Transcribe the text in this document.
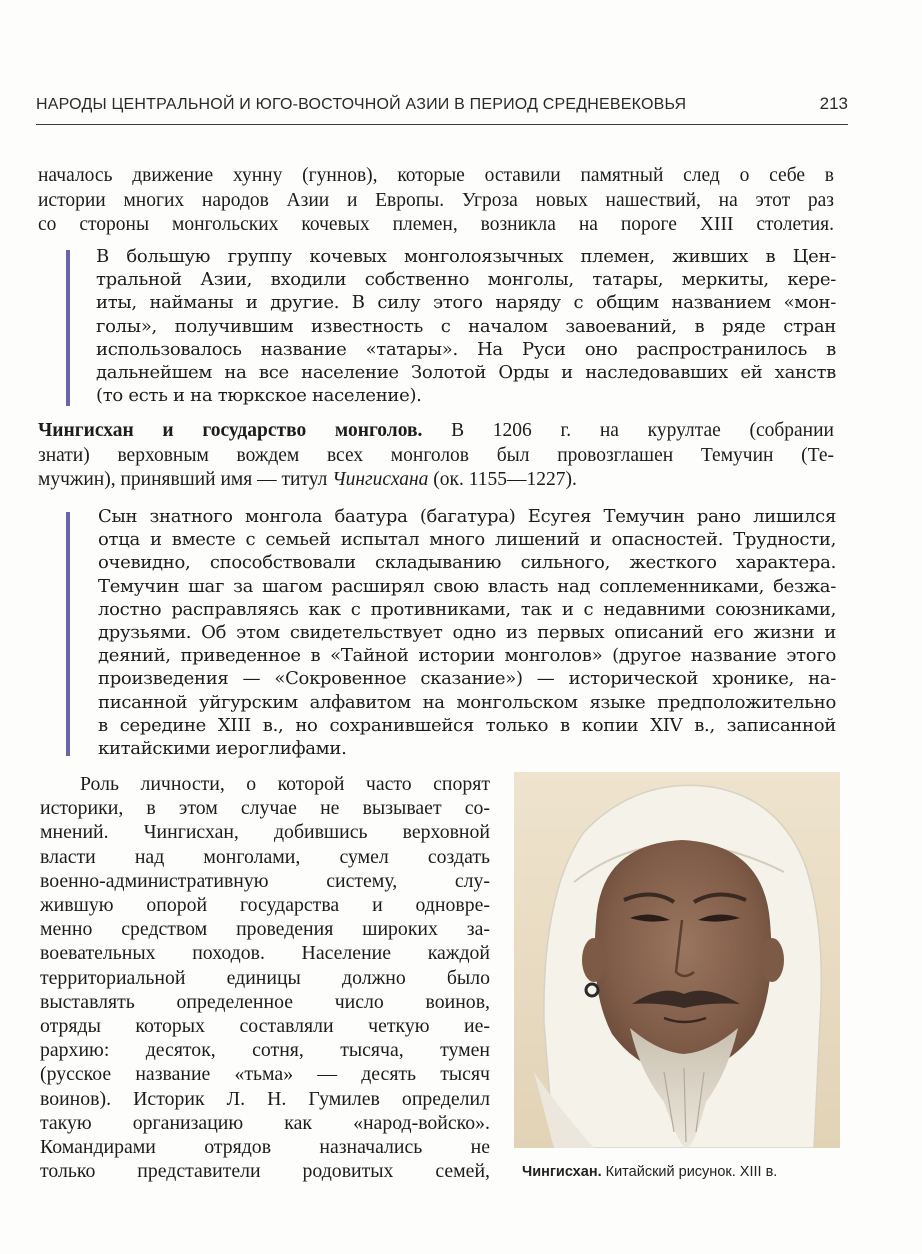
НАРОДЫ ЦЕНТРАЛЬНОЙ И ЮГО-ВОСТОЧНОЙ АЗИИ В ПЕРИОД СРЕДНЕВЕКОВЬЯ	213
началось движение хунну (гуннов), которые оставили памятный след о себе в
истории многих народов Азии и Европы. Угроза новых нашествий, на этот раз
со стороны монгольских кочевых племен, возникла на пороге XIII столетия.
В большую группу кочевых монголоязычных племен, живших в Цен-
тральной Азии, входили собственно монголы, татары, меркиты, кере-
иты, найманы и другие. В силу этого наряду с общим названием «мон-
голы», получившим известность с началом завоеваний, в ряде стран
использовалось название «татары». На Руси оно распространилось в
дальнейшем на все население Золотой Орды и наследовавших ей ханств
(то есть и на тюркское население).
Чингисхан и государство монголов. В 1206 г. на курултае (собрании
знати) верховным вождем всех монголов был провозглашен Темучин (Те-
мучжин), принявший имя — титул Чингисхана (ок. 1155—1227).
Сын знатного монгола баатура (багатура) Есугея Темучин рано лишился
отца и вместе с семьей испытал много лишений и опасностей. Трудности,
очевидно, способствовали складыванию сильного, жесткого характера.
Темучин шаг за шагом расширял свою власть над соплеменниками, безжа-
лостно расправляясь как с противниками, так и с недавними союзниками,
друзьями. Об этом свидетельствует одно из первых описаний его жизни и
деяний, приведенное в «Тайной истории монголов» (другое название этого
произведения — «Сокровенное сказание») — исторической хронике, на-
писанной уйгурским алфавитом на монгольском языке предположительно
в середине XIII в., но сохранившейся только в копии XIV в., записанной
китайскими иероглифами.
Роль личности, о которой часто спорят
историки, в этом случае не вызывает со-
мнений. Чингисхан, добившись верховной
власти над монголами, сумел создать
военно-административную систему, слу-
жившую опорой государства и одновре-
менно средством проведения широких за-
воевательных походов. Население каждой
территориальной единицы должно было
выставлять определенное число воинов,
отряды которых составляли четкую ие-
рархию: десяток, сотня, тысяча, тумен
(русское название «тьма» — десять тысяч
воинов). Историк Л. Н. Гумилев определил
такую организацию как «народ-войско».
Командирами отрядов назначались не
только представители родовитых семей, Чингисхан. Китайский рисунок. XIII в.
